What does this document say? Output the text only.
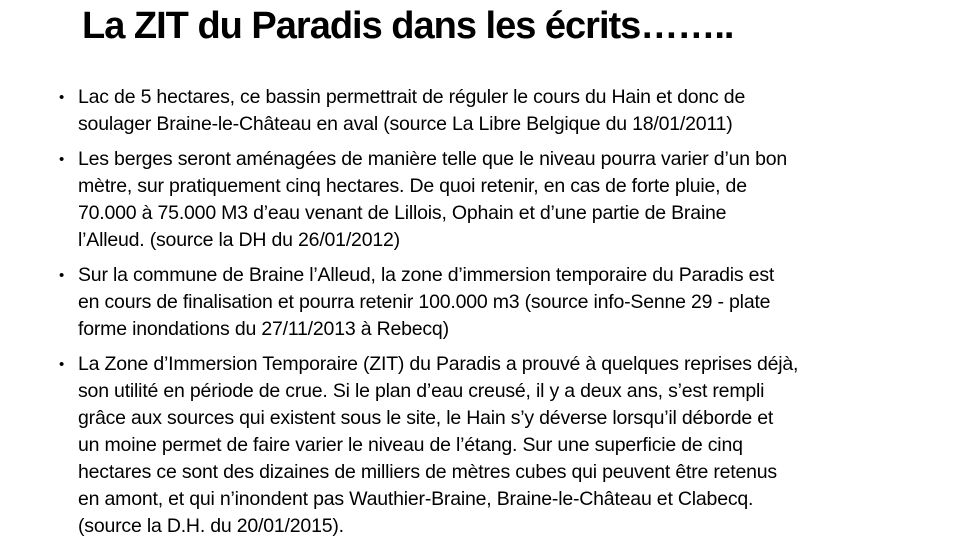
La ZIT du Paradis dans les écrits……..
• Lac de 5 hectares, ce bassin permettrait de réguler le cours du Hain et donc de
soulager Braine-le-Château en aval (source La Libre Belgique du 18/01/2011)
• Les berges seront aménagées de manière telle que le niveau pourra varier d’un bon
mètre, sur pratiquement cinq hectares. De quoi retenir, en cas de forte pluie, de
70.000 à 75.000 M3 d’eau venant de Lillois, Ophain et d’une partie de Braine
l’Alleud. (source la DH du 26/01/2012)
• Sur la commune de Braine l’Alleud, la zone d’immersion temporaire du Paradis est
en cours de finalisation et pourra retenir 100.000 m3 (source info-Senne 29 - plate
forme inondations du 27/11/2013 à Rebecq)
• La Zone d’Immersion Temporaire (ZIT) du Paradis a prouvé à quelques reprises déjà,
son utilité en période de crue. Si le plan d’eau creusé, il y a deux ans, s’est rempli
grâce aux sources qui existent sous le site, le Hain s’y déverse lorsqu’il déborde et
un moine permet de faire varier le niveau de l’étang. Sur une superficie de cinq
hectares ce sont des dizaines de milliers de mètres cubes qui peuvent être retenus
en amont, et qui n’inondent pas Wauthier-Braine, Braine-le-Château et Clabecq.
(source la D.H. du 20/01/2015).
